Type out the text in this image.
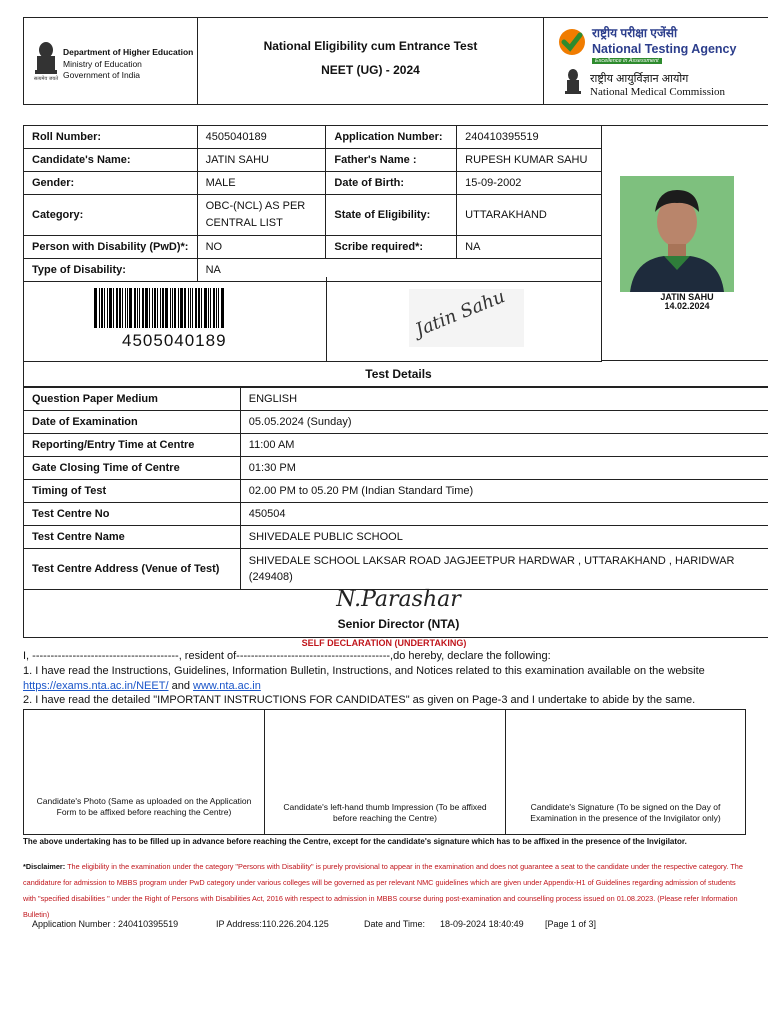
सत्यमेव जयते
Department of Higher Education
Ministry of Education
Government of India
National Eligibility cum Entrance Test
NEET (UG) - 2024
राष्ट्रीय परीक्षा एजेंसी
National Testing Agency
Excellence in Assessment
राष्ट्रीय आयुर्विज्ञान आयोग
National Medical Commission
Roll Number:	4505040189	Application Number:	240410395519
Candidate's Name:	JATIN SAHU	Father's Name :	RUPESH KUMAR SAHU
Gender:	MALE	Date of Birth:	15-09-2002
Category:	OBC-(NCL) AS PER CENTRAL LIST	State of Eligibility:	UTTARAKHAND
Person with Disability (PwD)*:	NO	Scribe required*:	NA
Type of Disability:	NA		
JATIN SAHU
14.02.2024
4505040189	Jatin Sahu
Test Details
Question Paper Medium	ENGLISH
Date of Examination	05.05.2024 (Sunday)
Reporting/Entry Time at Centre	11:00 AM
Gate Closing Time of Centre	01:30 PM
Timing of Test	02.00 PM to 05.20 PM (Indian Standard Time)
Test Centre No	450504
Test Centre Name	SHIVEDALE PUBLIC SCHOOL
Test Centre Address (Venue of Test)	SHIVEDALE SCHOOL LAKSAR ROAD JAGJEETPUR HARDWAR , UTTARAKHAND , HARIDWAR (249408)
N.Parashar
Senior Director (NTA)
SELF DECLARATION (UNDERTAKING)
I, ----------------------------------------, resident of------------------------------------------,do hereby, declare the following:
1. I have read the Instructions, Guidelines, Information Bulletin, Instructions, and Notices related to this examination available on the website
https://exams.nta.ac.in/NEET/ and www.nta.ac.in
2. I have read the detailed "IMPORTANT INSTRUCTIONS FOR CANDIDATES" as given on Page-3 and I undertake to abide by the same.
Candidate's Photo (Same as uploaded on the Application Form to be affixed before reaching the Centre)	Candidate's left-hand thumb Impression (To be affixed before reaching the Centre)
Candidate's Signature (To be signed on the Day of Examination in the presence of the Invigilator only)
The above undertaking has to be filled up in advance before reaching the Centre, except for the candidate's signature which has to be affixed in the presence of the Invigilator.
*Disclaimer: The eligibility in the examination under the category "Persons with Disability" is purely provisional to appear in the examination and does not guarantee a seat to the candidate under the respective category. The candidature for admission to MBBS program under PwD category under various colleges will be governed as per relevant NMC guidelines which are given under Appendix-H1 of Guidelines regarding admission of students with "specified disabilities " under the Right of Persons with Disabilities Act, 2016 with respect to admission in MBBS course during post-examination and counselling process issued on 01.08.2023. (Please refer Information Bulletin)
Application Number : 240410395519	IP Address:110.226.204.125	Date and Time:      18-09-2024 18:40:49 [Page 1 of 3]
